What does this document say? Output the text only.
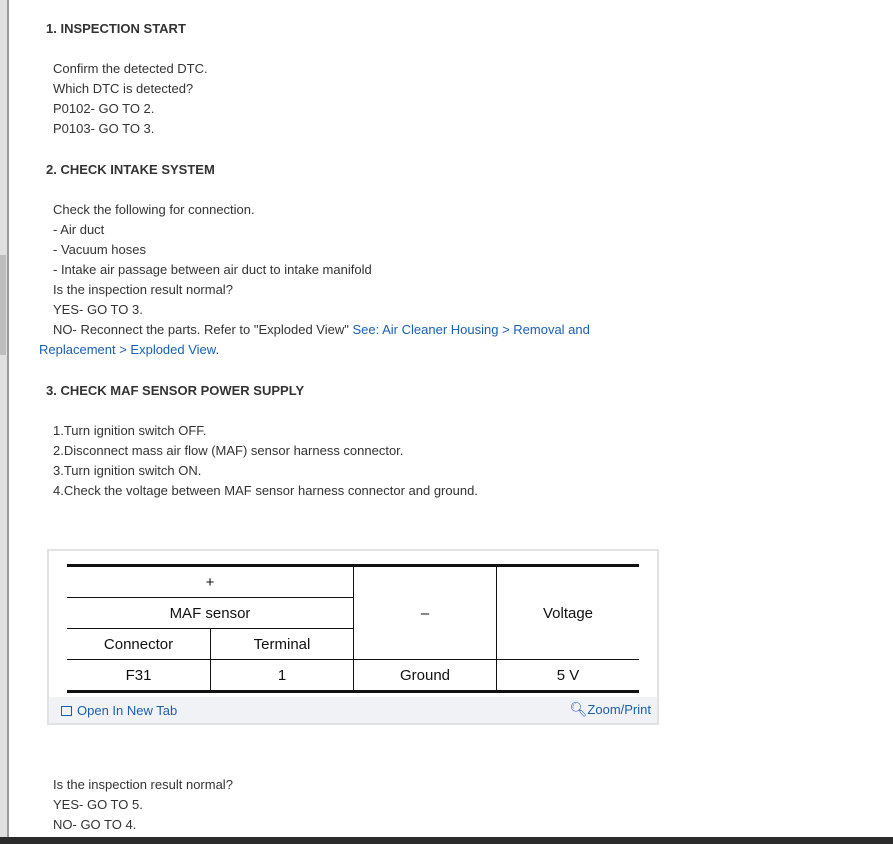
1. INSPECTION START
Confirm the detected DTC.
Which DTC is detected?
P0102- GO TO 2.
P0103- GO TO 3.
2. CHECK INTAKE SYSTEM
Check the following for connection.
- Air duct
- Vacuum hoses
- Intake air passage between air duct to intake manifold
Is the inspection result normal?
YES- GO TO 3.
NO- Reconnect the parts. Refer to "Exploded View" See: Air Cleaner Housing > Removal and
Replacement > Exploded View.
3. CHECK MAF SENSOR POWER SUPPLY
1.Turn ignition switch OFF.
2.Disconnect mass air flow (MAF) sensor harness connector.
3.Turn ignition switch ON.
4.Check the voltage between MAF sensor harness connector and ground.
+		–	Voltage
MAF sensor			
Connector	Terminal		
F31	1	Ground	5 V
Open In New Tab	🔍︎Zoom/Print
Is the inspection result normal?
YES- GO TO 5.
NO- GO TO 4.
